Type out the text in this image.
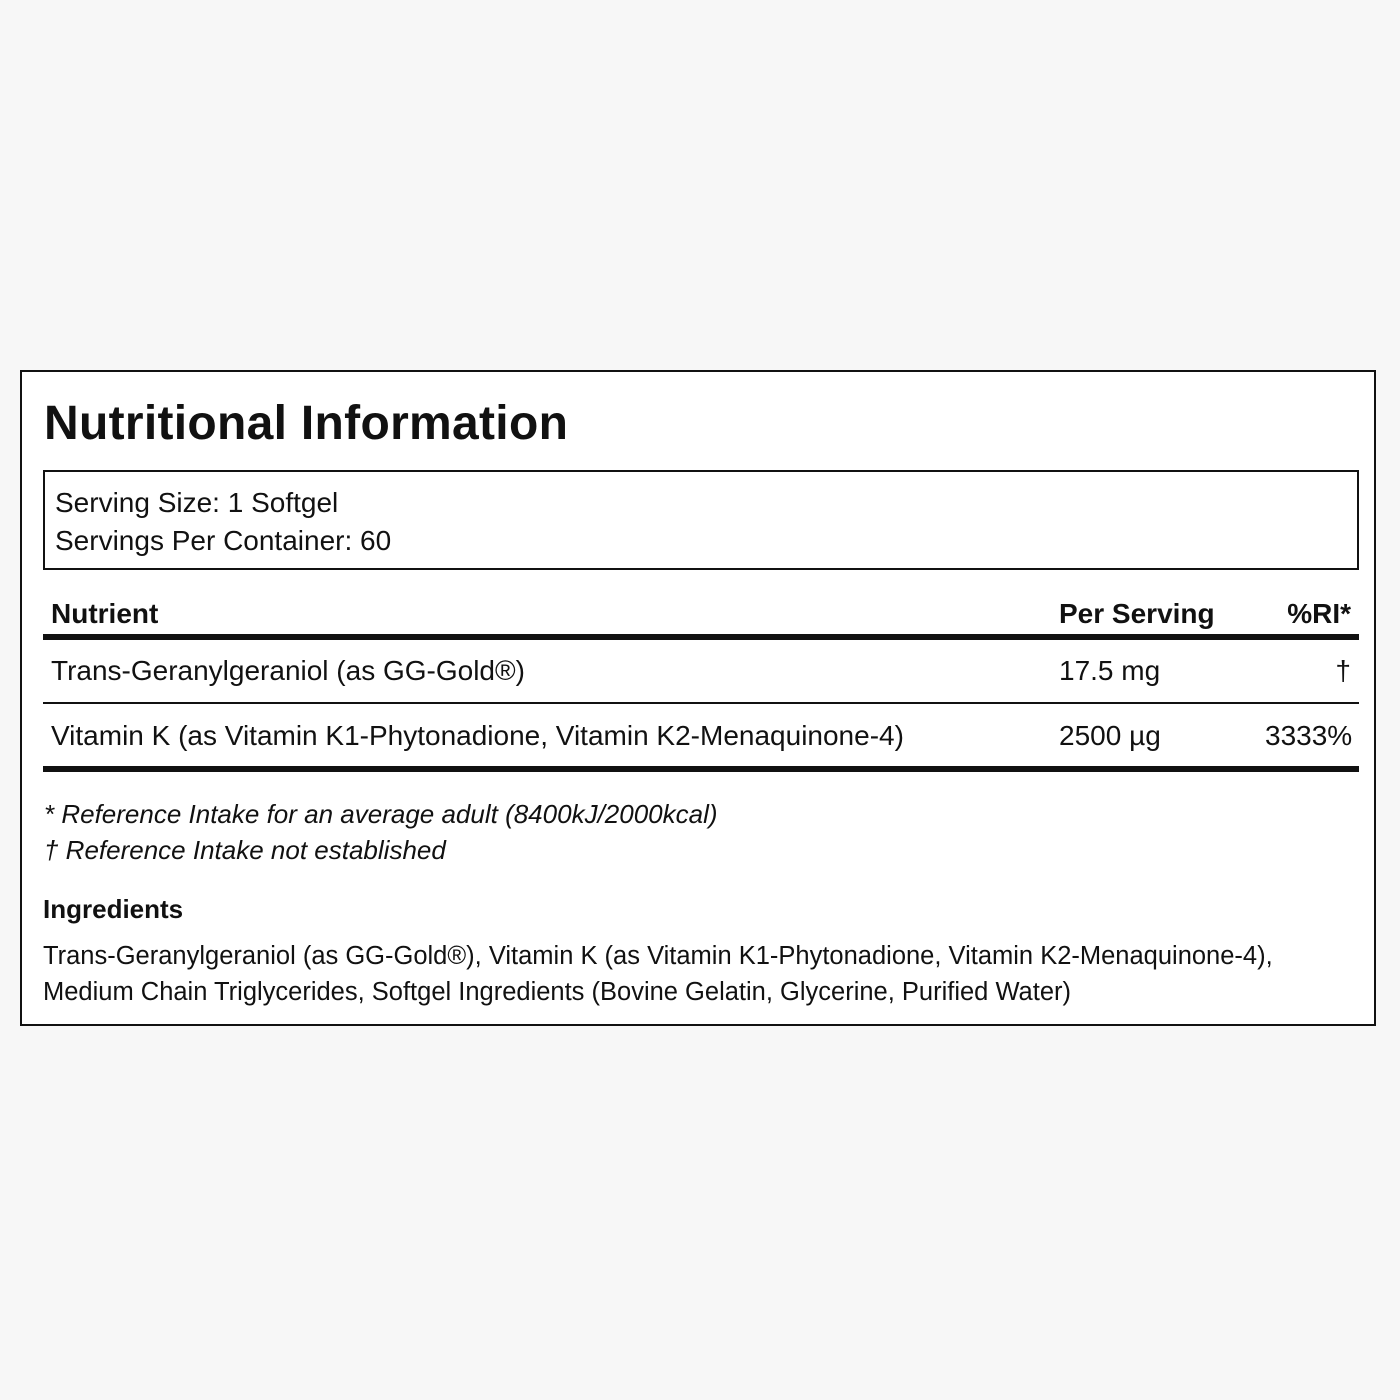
Nutritional Information
Serving Size: 1 Softgel
Servings Per Container: 60
Nutrient	Per Serving	%RI*
Trans-Geranylgeraniol (as GG-Gold®)	17.5 mg	†
Vitamin K (as Vitamin K1-Phytonadione, Vitamin K2-Menaquinone-4)	2500 µg	3333%
* Reference Intake for an average adult (8400kJ/2000kcal)
† Reference Intake not established
Ingredients
Trans-Geranylgeraniol (as GG-Gold®), Vitamin K (as Vitamin K1-Phytonadione, Vitamin K2-Menaquinone-4), Medium Chain Triglycerides, Softgel Ingredients (Bovine Gelatin, Glycerine, Purified Water)
